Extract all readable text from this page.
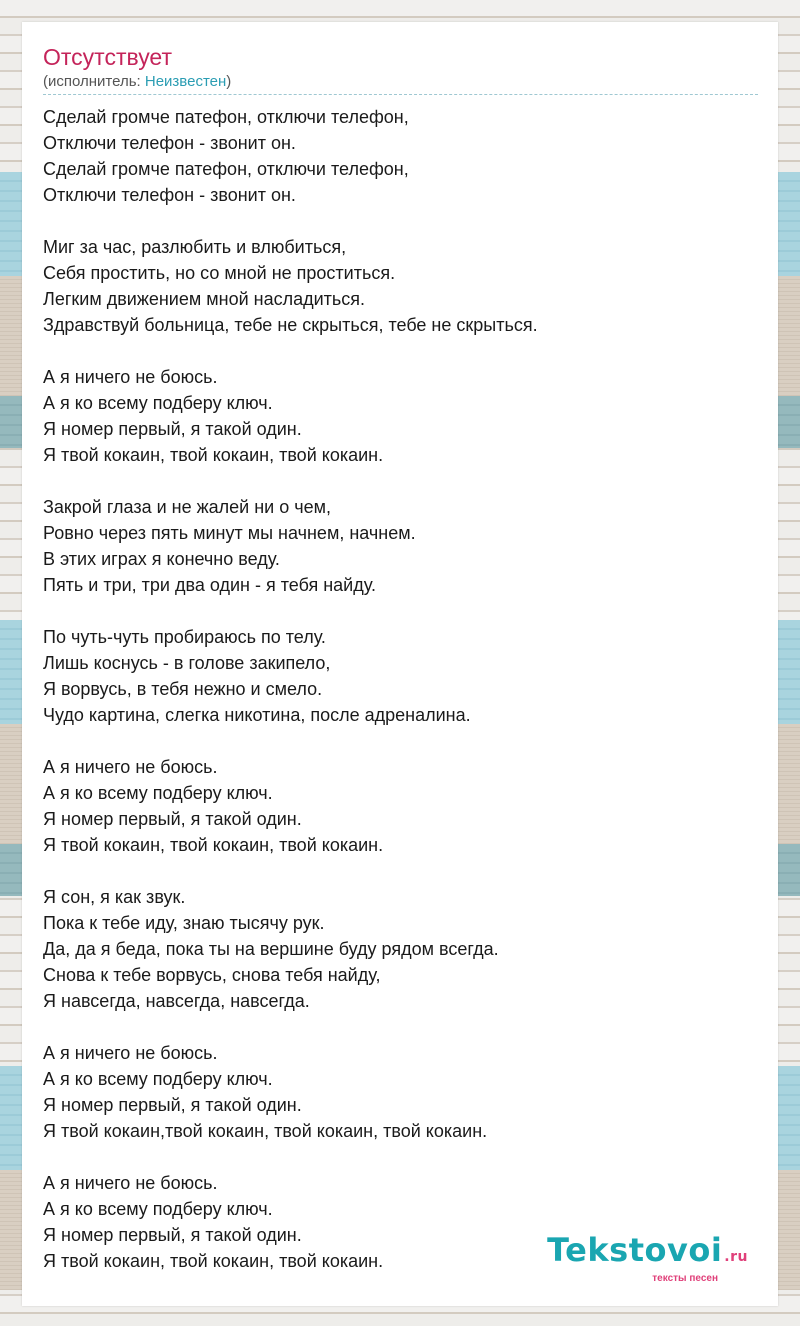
Отсутствует
(исполнитель: Неизвестен)
Сделай громче патефон, отключи телефон,
Отключи телефон - звонит он.
Сделай громче патефон, отключи телефон,
Отключи телефон - звонит он.
Миг за час, разлюбить и влюбиться,
Себя простить, но со мной не проститься.
Легким движением мной насладиться.
Здравствуй больница, тебе не скрыться, тебе не скрыться.
А я ничего не боюсь.
А я ко всему подберу ключ.
Я номер первый, я такой один.
Я твой кокаин, твой кокаин, твой кокаин.
Закрой глаза и не жалей ни о чем,
Ровно через пять минут мы начнем, начнем.
В этих играх я конечно веду.
Пять и три, три два один - я тебя найду.
По чуть-чуть пробираюсь по телу.
Лишь коснусь - в голове закипело,
Я ворвусь, в тебя нежно и смело.
Чудо картина, слегка никотина, после адреналина.
А я ничего не боюсь.
А я ко всему подберу ключ.
Я номер первый, я такой один.
Я твой кокаин, твой кокаин, твой кокаин.
Я сон, я как звук.
Пока к тебе иду, знаю тысячу рук.
Да, да я беда, пока ты на вершине буду рядом всегда.
Снова к тебе ворвусь, снова тебя найду,
Я навсегда, навсегда, навсегда.
А я ничего не боюсь.
А я ко всему подберу ключ.
Я номер первый, я такой один.
Я твой кокаин,твой кокаин, твой кокаин, твой кокаин.
А я ничего не боюсь.
А я ко всему подберу ключ.
Я номер первый, я такой один.
Я твой кокаин, твой кокаин, твой кокаин.	Tekstovoi .ru
тексты песен
